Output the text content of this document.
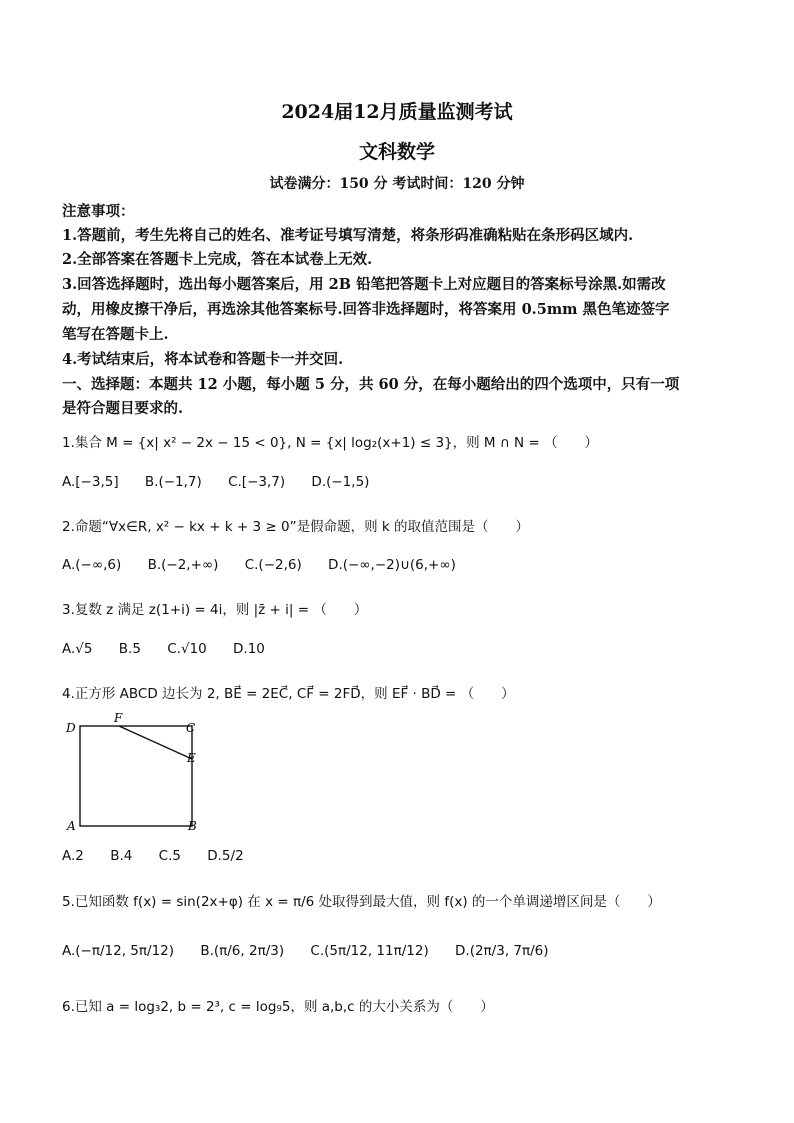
2024届12月质量监测考试
文科数学
试卷满分：150 分 考试时间：120 分钟
注意事项：
1.答题前，考生先将自己的姓名、准考证号填写清楚，将条形码准确粘贴在条形码区域内.
2.全部答案在答题卡上完成，答在本试卷上无效.
3.回答选择题时，选出每小题答案后，用 2B 铅笔把答题卡上对应题目的答案标号涂黑.如需改
动，用橡皮擦干净后，再选涂其他答案标号.回答非选择题时，将答案用 0.5mm 黑色笔迹签字
笔写在答题卡上.
4.考试结束后，将本试卷和答题卡一并交回.
一、选择题：本题共 12 小题，每小题 5 分，共 60 分，在每小题给出的四个选项中，只有一项
是符合题目要求的.
1.集合 M = {x| x² − 2x − 15 < 0}, N = {x| log₂(x+1) ≤ 3}，则 M ∩ N = （　　）
A.[−3,5] B.(−1,7) C.[−3,7) D.(−1,5)
2.命题“∀x∈R, x² − kx + k + 3 ≥ 0”是假命题，则 k 的取值范围是（　　）
A.(−∞,6) B.(−2,+∞) C.(−2,6) D.(−∞,−2)∪(6,+∞)
3.复数 z 满足 z(1+i) = 4i，则 |z̄ + i| = （　　）
A.√5 B.5 C.√10 D.10
4.正方形 ABCD 边长为 2, BE⃗ = 2EC⃗, CF⃗ = 2FD⃗，则 EF⃗ · BD⃗ = （　　）
D	C
A	B
F
E
A.2 B.4 C.5 D.5/2
5.已知函数 f(x) = sin(2x+φ) 在 x = π/6 处取得到最大值，则 f(x) 的一个单调递增区间是（　　）
A.(−π/12, 5π/12) B.(π/6, 2π/3) C.(5π/12, 11π/12) D.(2π/3, 7π/6)
6.已知 a = log₃2, b = 2³, c = log₉5，则 a,b,c 的大小关系为（　　）
